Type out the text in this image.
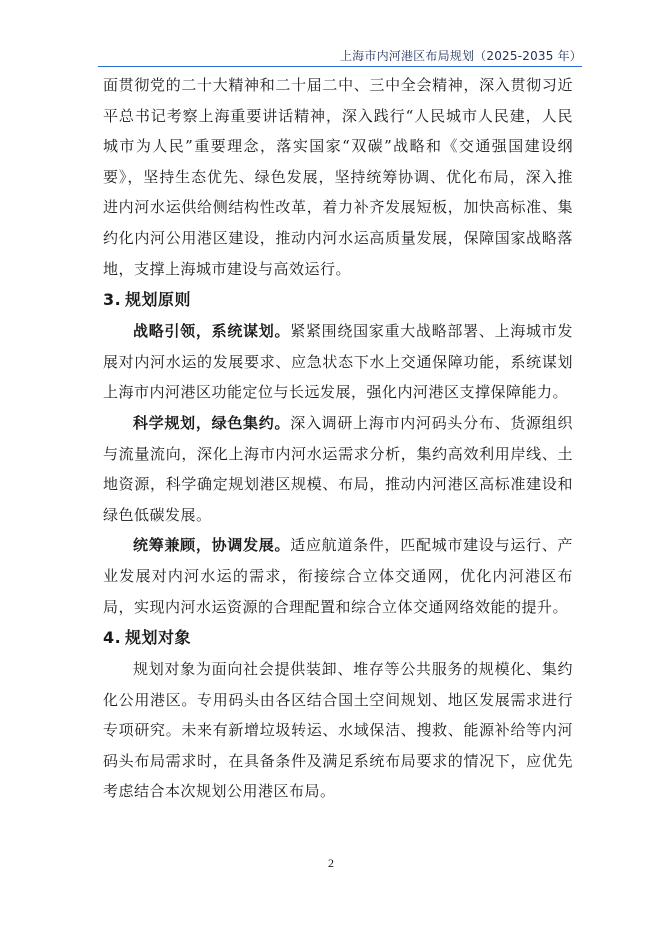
上海市内河港区布局规划（2025-2035 年）

面贯彻党的二十大精神和二十届二中、三中全会精神，深入贯彻习近平总书记考察上海重要讲话精神，深入践行“人民城市人民建，人民城市为人民”重要理念，落实国家“双碳”战略和《交通强国建设纲要》，坚持生态优先、绿色发展，坚持统筹协调、优化布局，深入推进内河水运供给侧结构性改革，着力补齐发展短板，加快高标准、集约化内河公用港区建设，推动内河水运高质量发展，保障国家战略落地，支撑上海城市建设与高效运行。

3. 规划原则

战略引领，系统谋划。紧紧围绕国家重大战略部署、上海城市发展对内河水运的发展要求、应急状态下水上交通保障功能，系统谋划上海市内河港区功能定位与长远发展，强化内河港区支撑保障能力。

科学规划，绿色集约。深入调研上海市内河码头分布、货源组织与流量流向，深化上海市内河水运需求分析，集约高效利用岸线、土地资源，科学确定规划港区规模、布局，推动内河港区高标准建设和绿色低碳发展。

统筹兼顾，协调发展。适应航道条件，匹配城市建设与运行、产业发展对内河水运的需求，衔接综合立体交通网，优化内河港区布局，实现内河水运资源的合理配置和综合立体交通网络效能的提升。

4. 规划对象

规划对象为面向社会提供装卸、堆存等公共服务的规模化、集约化公用港区。专用码头由各区结合国土空间规划、地区发展需求进行专项研究。未来有新增垃圾转运、水域保洁、搜救、能源补给等内河码头布局需求时，在具备条件及满足系统布局要求的情况下，应优先考虑结合本次规划公用港区布局。

2
